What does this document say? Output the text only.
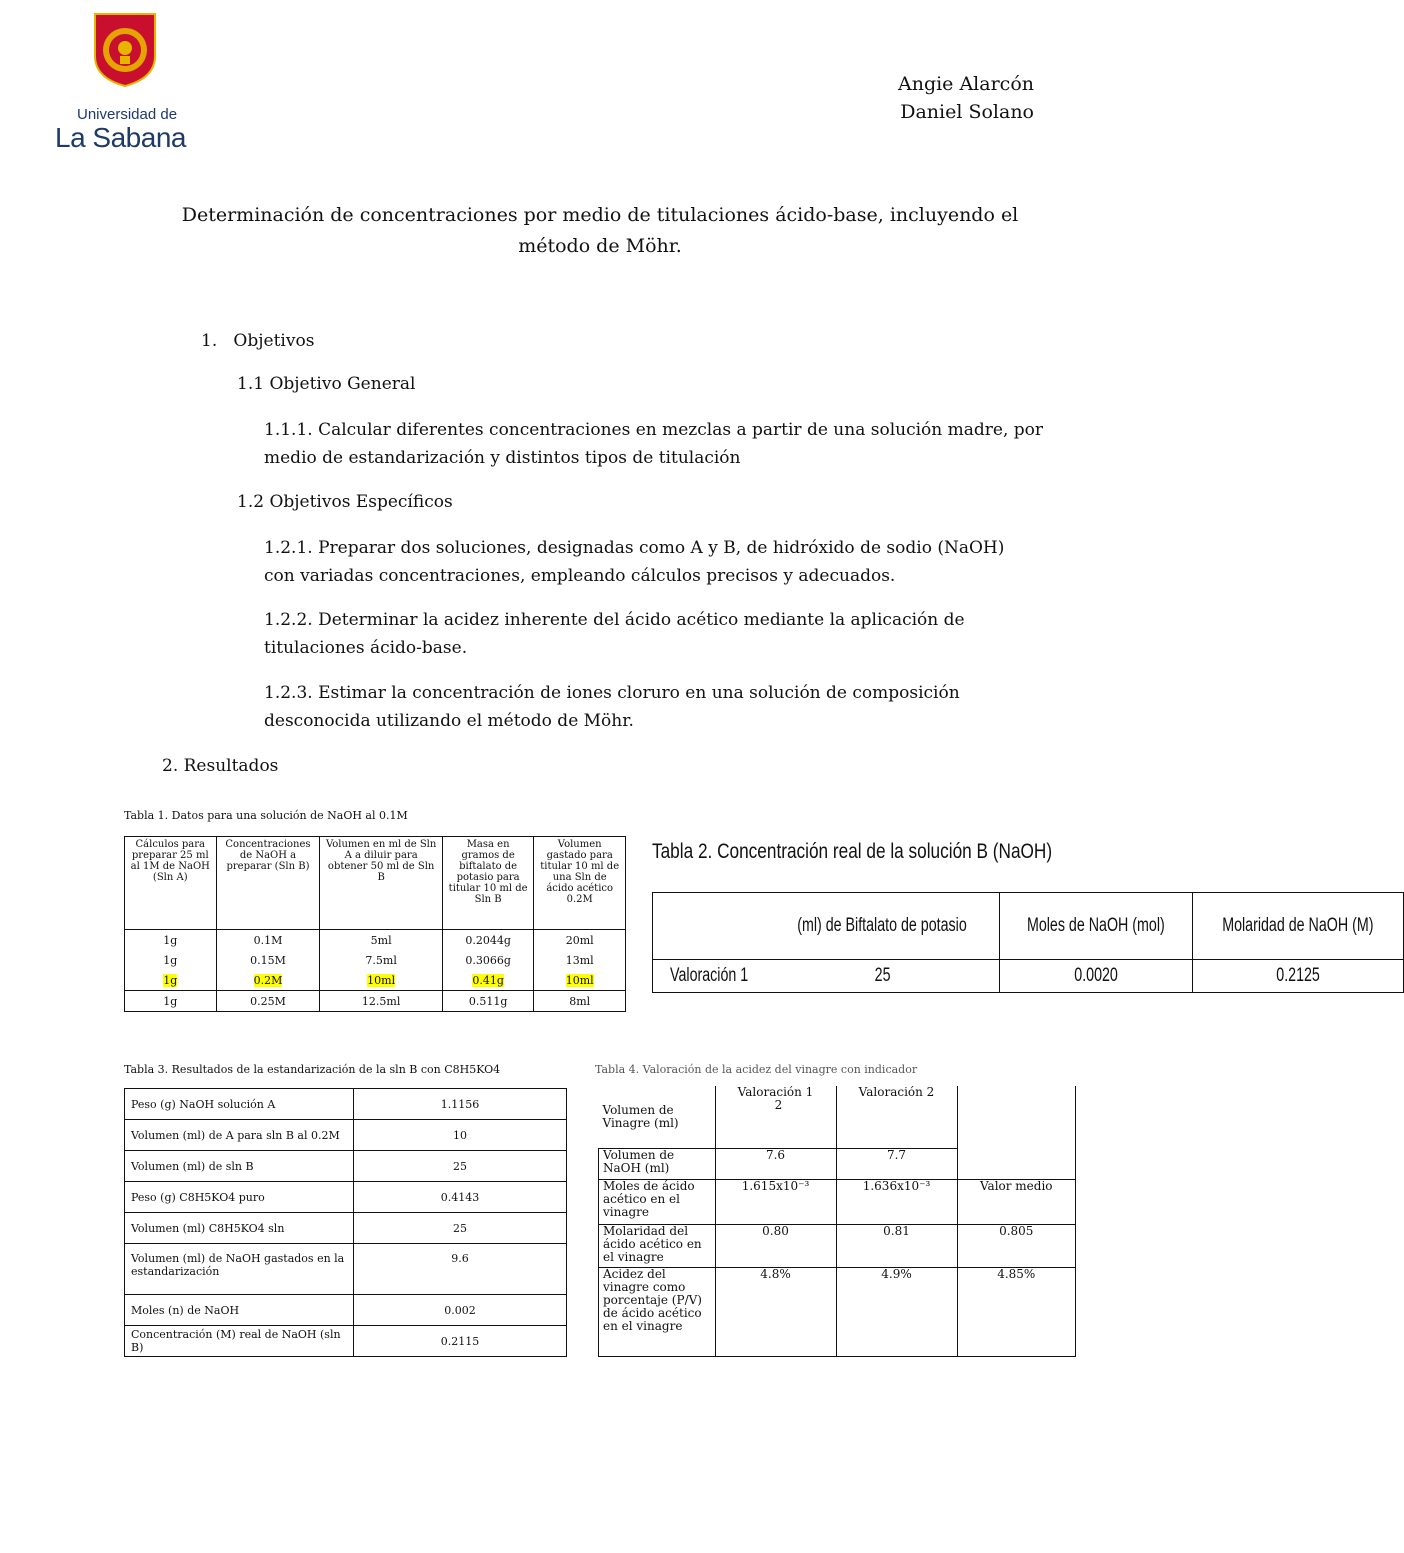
Universidad de
La Sabana
Angie Alarcón
Daniel Solano
Determinación de concentraciones por medio de titulaciones ácido-base, incluyendo el
método de Möhr.
1.   Objetivos
1.1 Objetivo General
1.1.1. Calcular diferentes concentraciones en mezclas a partir de una solución madre, por
medio de estandarización y distintos tipos de titulación
1.2 Objetivos Específicos
1.2.1. Preparar dos soluciones, designadas como A y B, de hidróxido de sodio (NaOH)
con variadas concentraciones, empleando cálculos precisos y adecuados.
1.2.2. Determinar la acidez inherente del ácido acético mediante la aplicación de
titulaciones ácido-base.
1.2.3. Estimar la concentración de iones cloruro en una solución de composición
desconocida utilizando el método de Möhr.
2. Resultados
Tabla 1. Datos para una solución de NaOH al 0.1M
Cálculos para preparar 25 ml al 1M de NaOH (Sln A)	Concentraciones de NaOH a preparar (Sln B)	Volumen en ml de Sln A a diluir para obtener 50 ml de Sln B	Masa en gramos de biftalato de potasio para titular 10 ml de Sln B	Volumen gastado para titular 10 ml de una Sln de ácido acético 0.2M
1g	0.1M	5ml	0.2044g	20ml
1g	0.15M	7.5ml	0.3066g	13ml
1g	0.2M	10ml	0.41g	10ml
1g	0.25M	12.5ml	0.511g	8ml
Tabla 2. Concentración real de la solución B (NaOH)
	(ml) de Biftalato de potasio	Moles de NaOH (mol)	Molaridad de NaOH (M)
Valoración 1	25	0.0020	0.2125
Tabla 3. Resultados de la estandarización de la sln B con C8H5KO4
Peso (g) NaOH solución A	1.1156
Volumen (ml) de A para sln B al 0.2M	10
Volumen (ml) de sln B	25
Peso (g) C8H5KO4 puro	0.4143
Volumen (ml) C8H5KO4 sln	25
Volumen (ml) de NaOH gastados en la estandarización	9.6
Moles (n) de NaOH	0.002
Concentración (M) real de NaOH (sln B)	0.2115
Tabla 4. Valoración de la acidez del vinagre con indicador
Volumen de Vinagre (ml)	Valoración 1	Valoración 2
2	

Volumen de NaOH (ml)	7.6	7.7	
Moles de ácido acético en el vinagre	1.615x10⁻³	1.636x10⁻³	Valor medio
Molaridad del ácido acético en el vinagre	0.80	0.81	0.805
Acidez del vinagre como porcentaje (P/V) de ácido acético en el vinagre	4.8%	4.9%	4.85%
